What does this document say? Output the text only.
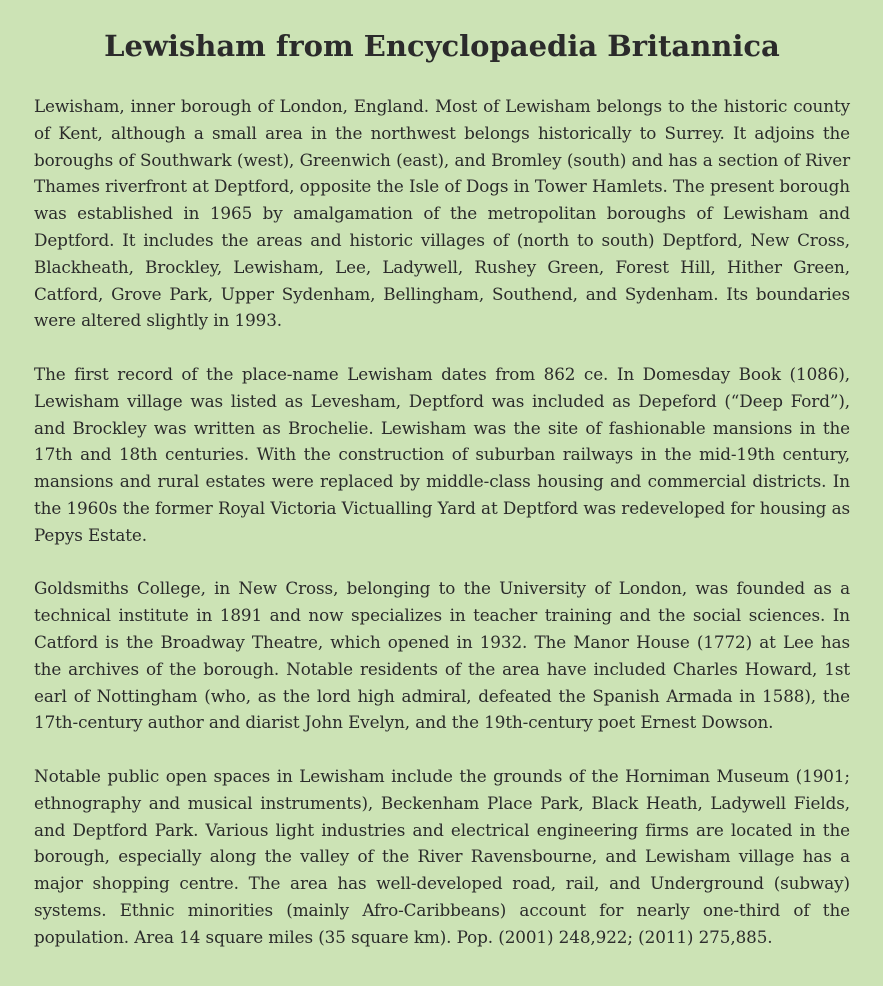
Lewisham from Encyclopaedia Britannica

Lewisham, inner borough of London, England. Most of Lewisham belongs to the historic county of Kent, although a small area in the northwest belongs historically to Surrey. It adjoins the boroughs of Southwark (west), Greenwich (east), and Bromley (south) and has a section of River Thames riverfront at Deptford, opposite the Isle of Dogs in Tower Hamlets. The present borough was established in 1965 by amalgamation of the metropolitan boroughs of Lewisham and Deptford. It includes the areas and historic villages of (north to south) Deptford, New Cross, Blackheath, Brockley, Lewisham, Lee, Ladywell, Rushey Green, Forest Hill, Hither Green, Catford, Grove Park, Upper Sydenham, Bellingham, Southend, and Sydenham. Its boundaries were altered slightly in 1993.

The first record of the place-name Lewisham dates from 862 ce. In Domesday Book (1086), Lewisham village was listed as Levesham, Deptford was included as Depeford (“Deep Ford”), and Brockley was written as Brochelie. Lewisham was the site of fashionable mansions in the 17th and 18th centuries. With the construction of suburban railways in the mid-19th century, mansions and rural estates were replaced by middle-class housing and commercial districts. In the 1960s the former Royal Victoria Victualling Yard at Deptford was redeveloped for housing as Pepys Estate.

Goldsmiths College, in New Cross, belonging to the University of London, was founded as a technical institute in 1891 and now specializes in teacher training and the social sciences. In Catford is the Broadway Theatre, which opened in 1932. The Manor House (1772) at Lee has the archives of the borough. Notable residents of the area have included Charles Howard, 1st earl of Nottingham (who, as the lord high admiral, defeated the Spanish Armada in 1588), the 17th-century author and diarist John Evelyn, and the 19th-century poet Ernest Dowson.

Notable public open spaces in Lewisham include the grounds of the Horniman Museum (1901; ethnography and musical instruments), Beckenham Place Park, Black Heath, Ladywell Fields, and Deptford Park. Various light industries and electrical engineering firms are located in the borough, especially along the valley of the River Ravensbourne, and Lewisham village has a major shopping centre. The area has well-developed road, rail, and Underground (subway) systems. Ethnic minorities (mainly Afro-Caribbeans) account for nearly one-third of the population. Area 14 square miles (35 square km). Pop. (2001) 248,922; (2011) 275,885.
